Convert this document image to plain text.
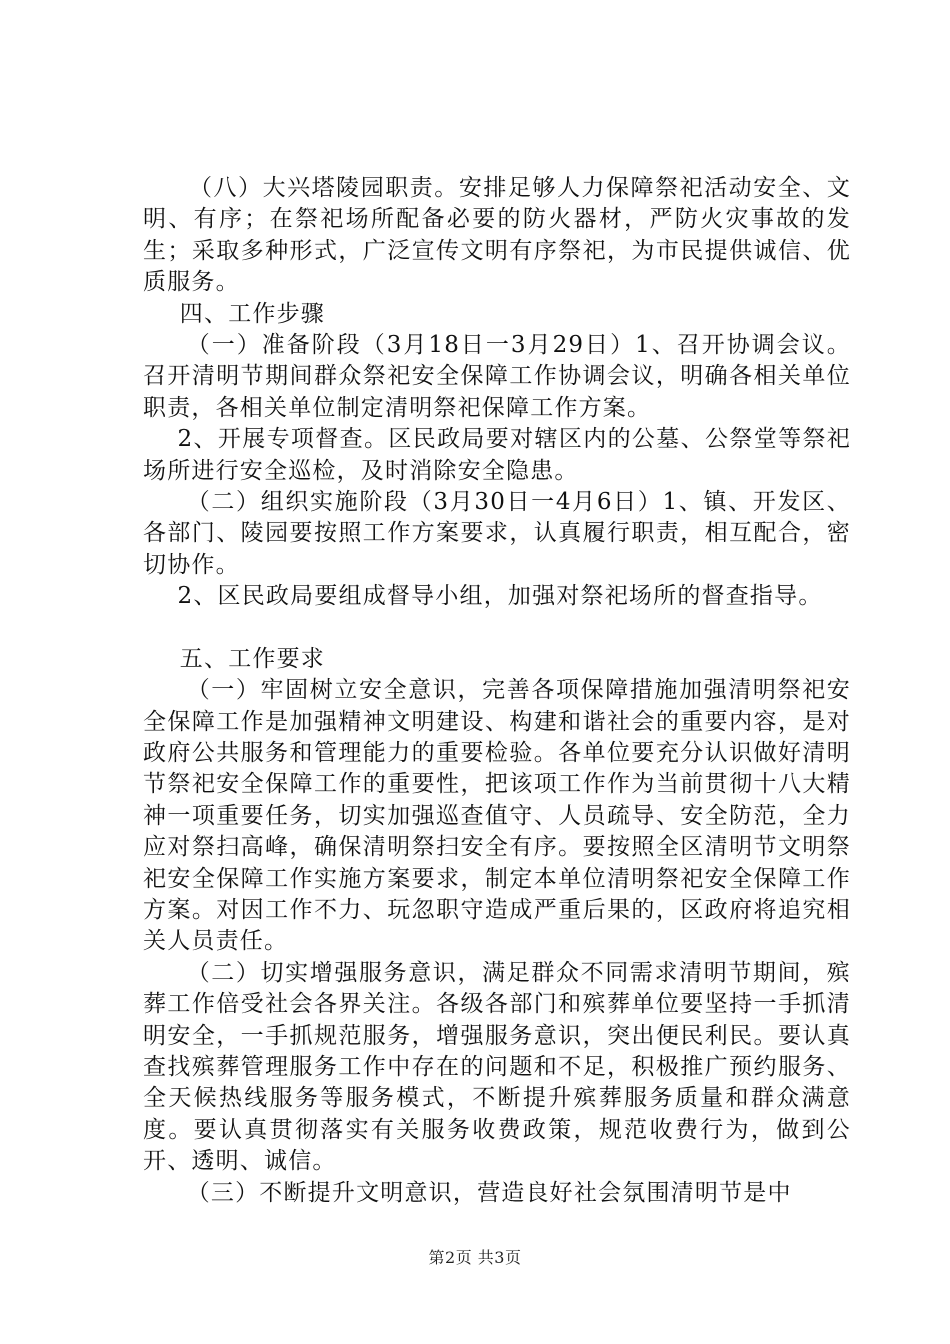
（八）大兴塔陵园职责。安排足够人力保障祭祀活动安全、文明、有序；在祭祀场所配备必要的防火器材，严防火灾事故的发生；采取多种形式，广泛宣传文明有序祭祀，为市民提供诚信、优质服务。

四、工作步骤

（一）准备阶段（3月18日一3月29日）1、召开协调会议。召开清明节期间群众祭祀安全保障工作协调会议，明确各相关单位职责，各相关单位制定清明祭祀保障工作方案。

2、开展专项督查。区民政局要对辖区内的公墓、公祭堂等祭祀场所进行安全巡检，及时消除安全隐患。

（二）组织实施阶段（3月30日一4月6日）1、镇、开发区、各部门、陵园要按照工作方案要求，认真履行职责，相互配合，密切协作。

2、区民政局要组成督导小组，加强对祭祀场所的督查指导。

五、工作要求

（一）牢固树立安全意识，完善各项保障措施加强清明祭祀安全保障工作是加强精神文明建设、构建和谐社会的重要内容，是对政府公共服务和管理能力的重要检验。各单位要充分认识做好清明节祭祀安全保障工作的重要性，把该项工作作为当前贯彻十八大精神一项重要任务，切实加强巡查值守、人员疏导、安全防范，全力应对祭扫高峰，确保清明祭扫安全有序。要按照全区清明节文明祭祀安全保障工作实施方案要求，制定本单位清明祭祀安全保障工作方案。对因工作不力、玩忽职守造成严重后果的，区政府将追究相关人员责任。

（二）切实增强服务意识，满足群众不同需求清明节期间，殡葬工作倍受社会各界关注。各级各部门和殡葬单位要坚持一手抓清明安全，一手抓规范服务，增强服务意识，突出便民利民。要认真查找殡葬管理服务工作中存在的问题和不足，积极推广预约服务、全天候热线服务等服务模式，不断提升殡葬服务质量和群众满意度。要认真贯彻落实有关服务收费政策，规范收费行为，做到公开、透明、诚信。

（三）不断提升文明意识，营造良好社会氛围清明节是中

第2页 共3页
